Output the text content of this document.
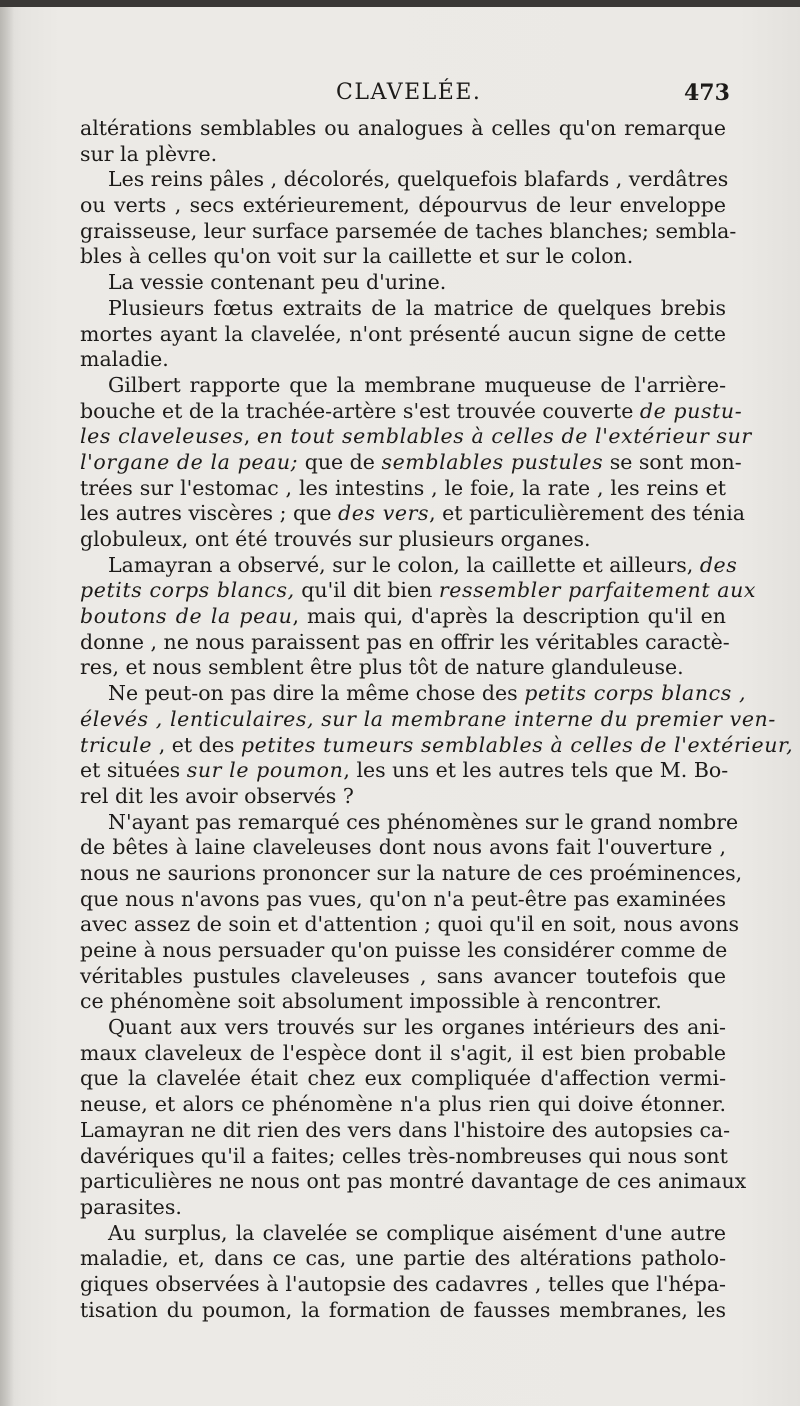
CLAVELÉE.	473
altérations semblables ou analogues à celles qu'on remarque
sur la plèvre.
Les reins pâles , décolorés, quelquefois blafards , verdâtres
ou verts , secs extérieurement, dépourvus de leur enveloppe
graisseuse, leur surface parsemée de taches blanches; sembla-
bles à celles qu'on voit sur la caillette et sur le colon.
La vessie contenant peu d'urine.
Plusieurs fœtus extraits de la matrice de quelques brebis
mortes ayant la clavelée, n'ont présenté aucun signe de cette
maladie.
Gilbert rapporte que la membrane muqueuse de l'arrière-
bouche et de la trachée-artère s'est trouvée couverte de pustu-
les claveleuses, en tout semblables à celles de l'extérieur sur
l'organe de la peau; que de semblables pustules se sont mon-
trées sur l'estomac , les intestins , le foie, la rate , les reins et
les autres viscères ; que des vers, et particulièrement des ténia
globuleux, ont été trouvés sur plusieurs organes.
Lamayran a observé, sur le colon, la caillette et ailleurs, des
petits corps blancs, qu'il dit bien ressembler parfaitement aux
boutons de la peau, mais qui, d'après la description qu'il en
donne , ne nous paraissent pas en offrir les véritables caractè-
res, et nous semblent être plus tôt de nature glanduleuse.
Ne peut-on pas dire la même chose des petits corps blancs ,
élevés , lenticulaires, sur la membrane interne du premier ven-
tricule , et des petites tumeurs semblables à celles de l'extérieur,
et situées sur le poumon, les uns et les autres tels que M. Bo-
rel dit les avoir observés ?
N'ayant pas remarqué ces phénomènes sur le grand nombre
de bêtes à laine claveleuses dont nous avons fait l'ouverture ,
nous ne saurions prononcer sur la nature de ces proéminences,
que nous n'avons pas vues, qu'on n'a peut-être pas examinées
avec assez de soin et d'attention ; quoi qu'il en soit, nous avons
peine à nous persuader qu'on puisse les considérer comme de
véritables pustules claveleuses , sans avancer toutefois que
ce phénomène soit absolument impossible à rencontrer.
Quant aux vers trouvés sur les organes intérieurs des ani-
maux claveleux de l'espèce dont il s'agit, il est bien probable
que la clavelée était chez eux compliquée d'affection vermi-
neuse, et alors ce phénomène n'a plus rien qui doive étonner.
Lamayran ne dit rien des vers dans l'histoire des autopsies ca-
davériques qu'il a faites; celles très-nombreuses qui nous sont
particulières ne nous ont pas montré davantage de ces animaux
parasites.
Au surplus, la clavelée se complique aisément d'une autre
maladie, et, dans ce cas, une partie des altérations patholo-
giques observées à l'autopsie des cadavres , telles que l'hépa-
tisation du poumon, la formation de fausses membranes, les
